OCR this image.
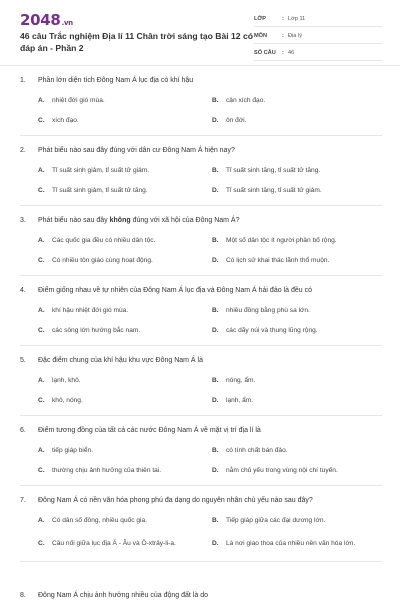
2048.vn
46 câu Trắc nghiệm Địa lí 11 Chân trời sáng tạo Bài 12 có đáp án - Phần 2
LỚP	: Lớp 11
MÔN	: Địa lý
SỐ CÂU	: 46
1.	Phần lớn diện tích Đông Nam Á lục địa có khí hậu
A.	nhiệt đới gió mùa.	B.	cận xích đạo.
C.	xích đạo.	D.	ôn đới.
2.	Phát biểu nào sau đây đúng với dân cư Đông Nam Á hiện nay?
A.	Tỉ suất sinh giảm, tỉ suất tử giảm.	B.	Tỉ suất sinh tăng, tỉ suất tử tăng.
C.	Tỉ suất sinh giảm, tỉ suất tử tăng.	D.	Tỉ suất sinh tăng, tỉ suất tử giảm.
3.	Phát biểu nào sau đây không đúng với xã hội của Đông Nam Á?
A.	Các quốc gia đều có nhiều dân tộc.	B.	Một số dân tộc ít người phân bố rộng.
C.	Có nhiều tôn giáo cùng hoạt động.	D.	Có lịch sử khai thác lãnh thổ muộn.
4.	Điểm giống nhau về tự nhiên của Đông Nam Á lục địa và Đông Nam Á hải đảo là đều có
A.	khí hậu nhiệt đới gió mùa.	B.	nhiều đồng bằng phù sa lớn.
C.	các sông lớn hướng bắc nam.	D.	các dãy núi và thung lũng rộng.
5.	Đặc điểm chung của khí hậu khu vực Đông Nam Á là
A.	lạnh, khô.	B.	nóng, ẩm.
C.	khô, nóng.	D.	lạnh, ẩm.
6.	Điểm tương đồng của tất cả các nước Đông Nam Á về mặt vị trí địa lí là
A.	tiếp giáp biển.	B.	có tính chất bán đảo.
C.	thường chịu ảnh hưởng của thiên tai.	D.	nằm chủ yếu trong vùng nội chí tuyến.
7.	Đông Nam Á có nền văn hóa phong phú đa dạng do nguyên nhân chủ yếu nào sau đây?
A.	Có dân số đông, nhiều quốc gia.	B.	Tiếp giáp giữa các đại dương lớn.
C.	Cầu nối giữa lục địa Á - Âu và Ô-xtrây-li-a.	D.	Là nơi giao thoa của nhiều nền văn hóa lớn.
8.	Đông Nam Á chịu ảnh hưởng nhiều của động đất là do
